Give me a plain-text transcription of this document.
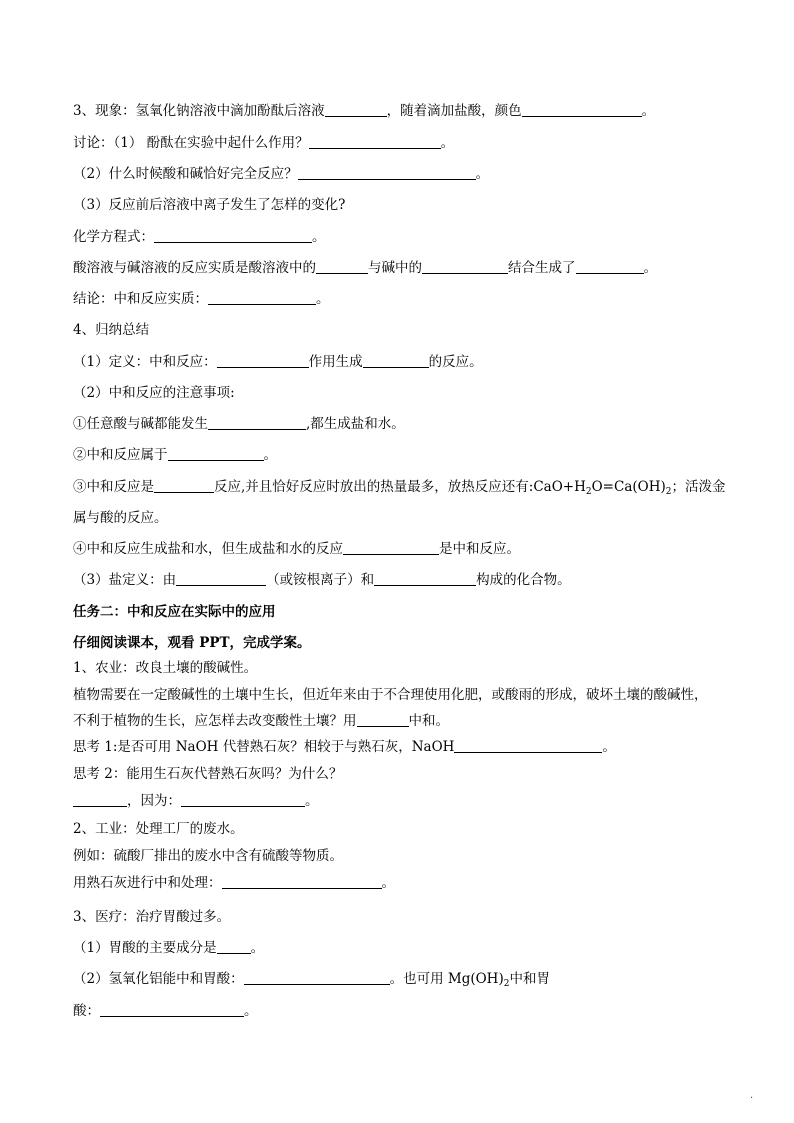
3、现象：氢氧化钠溶液中滴加酚酞后溶液	，随着滴加盐酸，颜色	。
讨论：（1） 酚酞在实验中起什么作用？	。
（2）什么时候酸和碱恰好完全反应？	。
（3）反应前后溶液中离子发生了怎样的变化?
化学方程式：	。
酸溶液与碱溶液的反应实质是酸溶液中的	与碱中的	结合生成了	。
结论：中和反应实质：	。
4、归纳总结
（1）定义：中和反应：	作用生成	的反应。
（2）中和反应的注意事项:
①任意酸与碱都能发生	,都生成盐和水。
②中和反应属于	。
③中和反应是	反应,并且恰好反应时放出的热量最多，放热反应还有$:CaO+H_2O=Ca(OH)_2$；活泼金
属与酸的反应。
④中和反应生成盐和水，但生成盐和水的反应	是中和反应。
（3）盐定义：由	（或铵根离子）和	构成的化合物。
任务二：中和反应在实际中的应用
仔细阅读课本，观看 PPT，完成学案。
1、农业：改良土壤的酸碱性。
植物需要在一定酸碱性的土壤中生长，但近年来由于不合理使用化肥，或酸雨的形成，破坏土壤的酸碱性，
不利于植物的生长，应怎样去改变酸性土壤？用	中和。
思考 1:是否可用 NaOH 代替熟石灰？相较于与熟石灰，NaOH	。
思考 2：能用生石灰代替熟石灰吗？为什么？
，因为：	。
2、工业：处理工厂的废水。
例如：硫酸厂排出的废水中含有硫酸等物质。
用熟石灰进行中和处理：	。
3、医疗：治疗胃酸过多。
（1）胃酸的主要成分是	。
（2）氢氧化铝能中和胃酸：	。也可用 $Mg(OH)_2$中和胃
酸：	。
.
